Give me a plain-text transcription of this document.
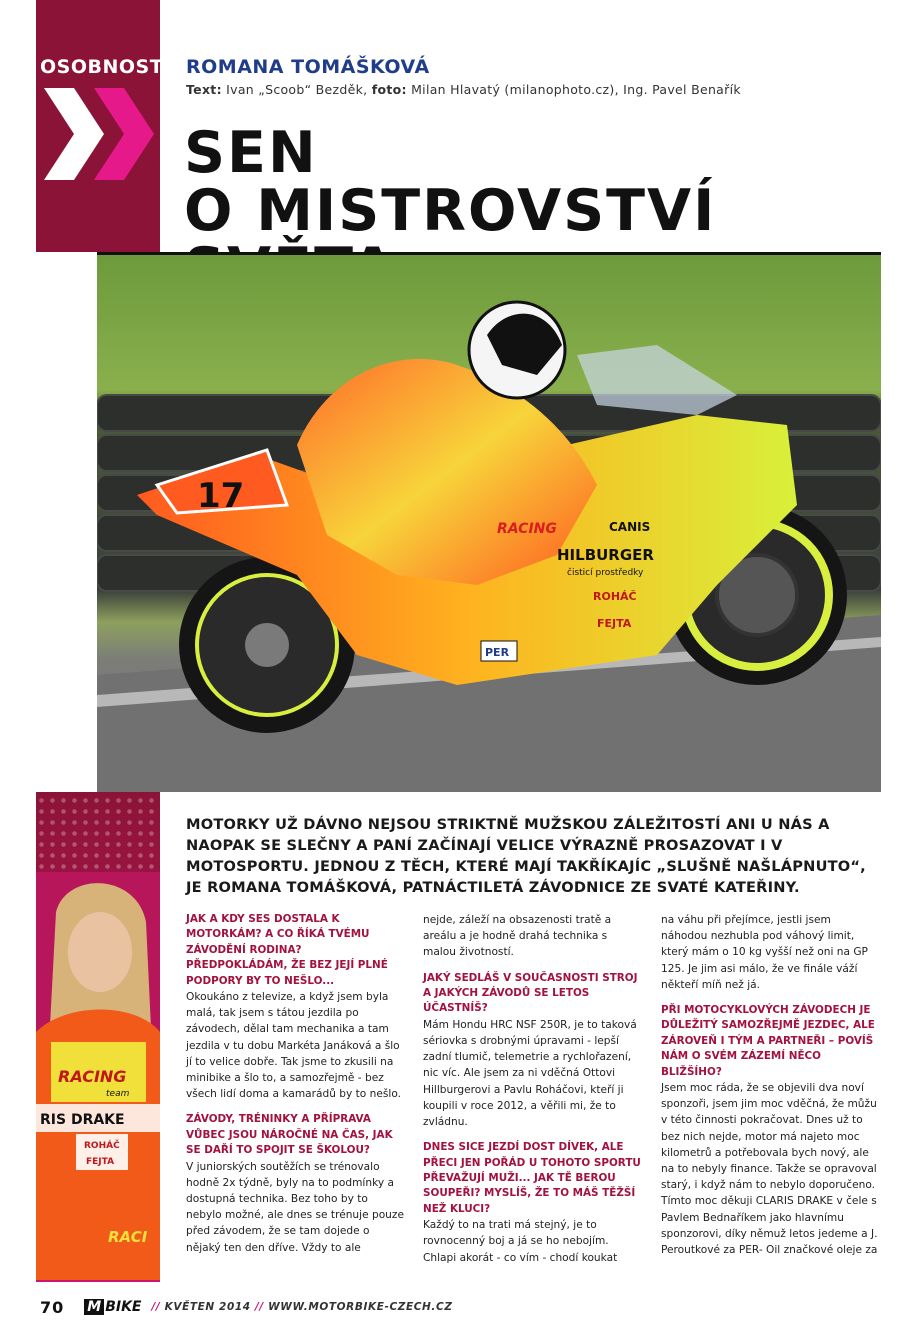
OSOBNOST ROMANA TOMÁŠKOVÁ
Text: Ivan „Scoob“ Bezděk, foto: Milan Hlavatý (milanophoto.cz), Ing. Pavel Benařík
SEN
O MISTROVSTVÍ
17
RACING
HILBURGER
čisticí prostředky
CANIS
ROHÁČ
FEJTA
PER
MOTORKY UŽ DÁVNO NEJSOU STRIKTNĚ MUŽSKOU ZÁLEŽITOSTÍ ANI U NÁS A NAOPAK SE SLEČNY A PANÍ ZAČÍNAJÍ VELICE VÝRAZNĚ PROSAZOVAT I V MOTOSPORTU. JEDNOU Z TĚCH, KTERÉ MAJÍ TAKŘÍKAJÍC „SLUŠNĚ NAŠLÁPNUTO“, JE ROMANA TOMÁŠKOVÁ, PATNÁCTILETÁ ZÁVODNICE ZE SVATÉ KATEŘINY.
RACING
team
RIS DRAKE
ROHÁČ
FEJTA
RACI
JAK A KDY SES DOSTALA K MOTORKÁM? A CO ŘÍKÁ TVÉMU ZÁVODĚNÍ RODINA? PŘEDPOKLÁDÁM, ŽE BEZ JEJÍ PLNÉ PODPORY BY TO NEŠLO...
Okoukáno z televize, a když jsem byla malá, tak jsem s tátou jezdila po závodech, dělal tam mechanika a tam jezdila v tu dobu Markéta Janáková a šlo jí to velice dobře. Tak jsme to zkusili na minibike a šlo to, a samozřejmě - bez všech lidí doma a kamarádů by to nešlo.
ZÁVODY, TRÉNINKY A PŘÍPRAVA VŮBEC JSOU NÁROČNÉ NA ČAS, JAK SE DAŘÍ TO SPOJIT SE ŠKOLOU?
V juniorských soutěžích se trénovalo hodně 2x týdně, byly na to podmínky a dostupná technika. Bez toho by to nebylo možné, ale dnes se trénuje pouze před závodem, že se tam dojede o nějaký ten den dříve. Vždy to ale
nejde, záleží na obsazenosti tratě a areálu a je hodně drahá technika s malou životností.
JAKÝ SEDLÁŠ V SOUČASNOSTI STROJ A JAKÝCH ZÁVODŮ SE LETOS ÚČASTNÍŠ?
Mám Hondu HRC NSF 250R, je to taková sériovka s drobnými úpravami - lepší zadní tlumič, telemetrie a rychlořazení, nic víc. Ale jsem za ni vděčná Ottovi Hillburgerovi a Pavlu Roháčovi, kteří ji koupili v roce 2012, a věřili mi, že to zvládnu.
DNES SICE JEZDÍ DOST DÍVEK, ALE PŘECI JEN POŘÁD U TOHOTO SPORTU PŘEVAŽUJÍ MUŽI... JAK TĚ BEROU SOUPEŘI? MYSLÍŠ, ŽE TO MÁŠ TĚŽŠÍ NEŽ KLUCI?
Každý to na trati má stejný, je to rovnocenný boj a já se ho nebojím. Chlapi akorát - co vím - chodí koukat
na váhu při přejímce, jestli jsem náhodou nezhubla pod váhový limit, který mám o 10 kg vyšší než oni na GP 125. Je jim asi málo, že ve finále váží někteří míň než já.
PŘI MOTOCYKLOVÝCH ZÁVODECH JE DŮLEŽITÝ SAMOZŘEJMĚ JEZDEC, ALE ZÁROVEŇ I TÝM A PARTNEŘI – POVÍŠ NÁM O SVÉM ZÁZEMÍ NĚCO BLIŽŠÍHO?
Jsem moc ráda, že se objevili dva noví sponzoři, jsem jim moc vděčná, že můžu v této činnosti pokračovat. Dnes už to bez nich nejde, motor má najeto moc kilometrů a potřebovala bych nový, ale na to nebyly finance. Takže se opravoval starý, i když nám to nebylo doporučeno.
Tímto moc děkuji CLARIS DRAKE v čele s Pavlem Bednaříkem jako hlavnímu sponzorovi, díky němuž letos jedeme a J. Peroutkové za PER- Oil značkové oleje za
70 M BIKE // KVĚTEN 2014 // WWW.MOTORBIKE-CZECH.CZ
